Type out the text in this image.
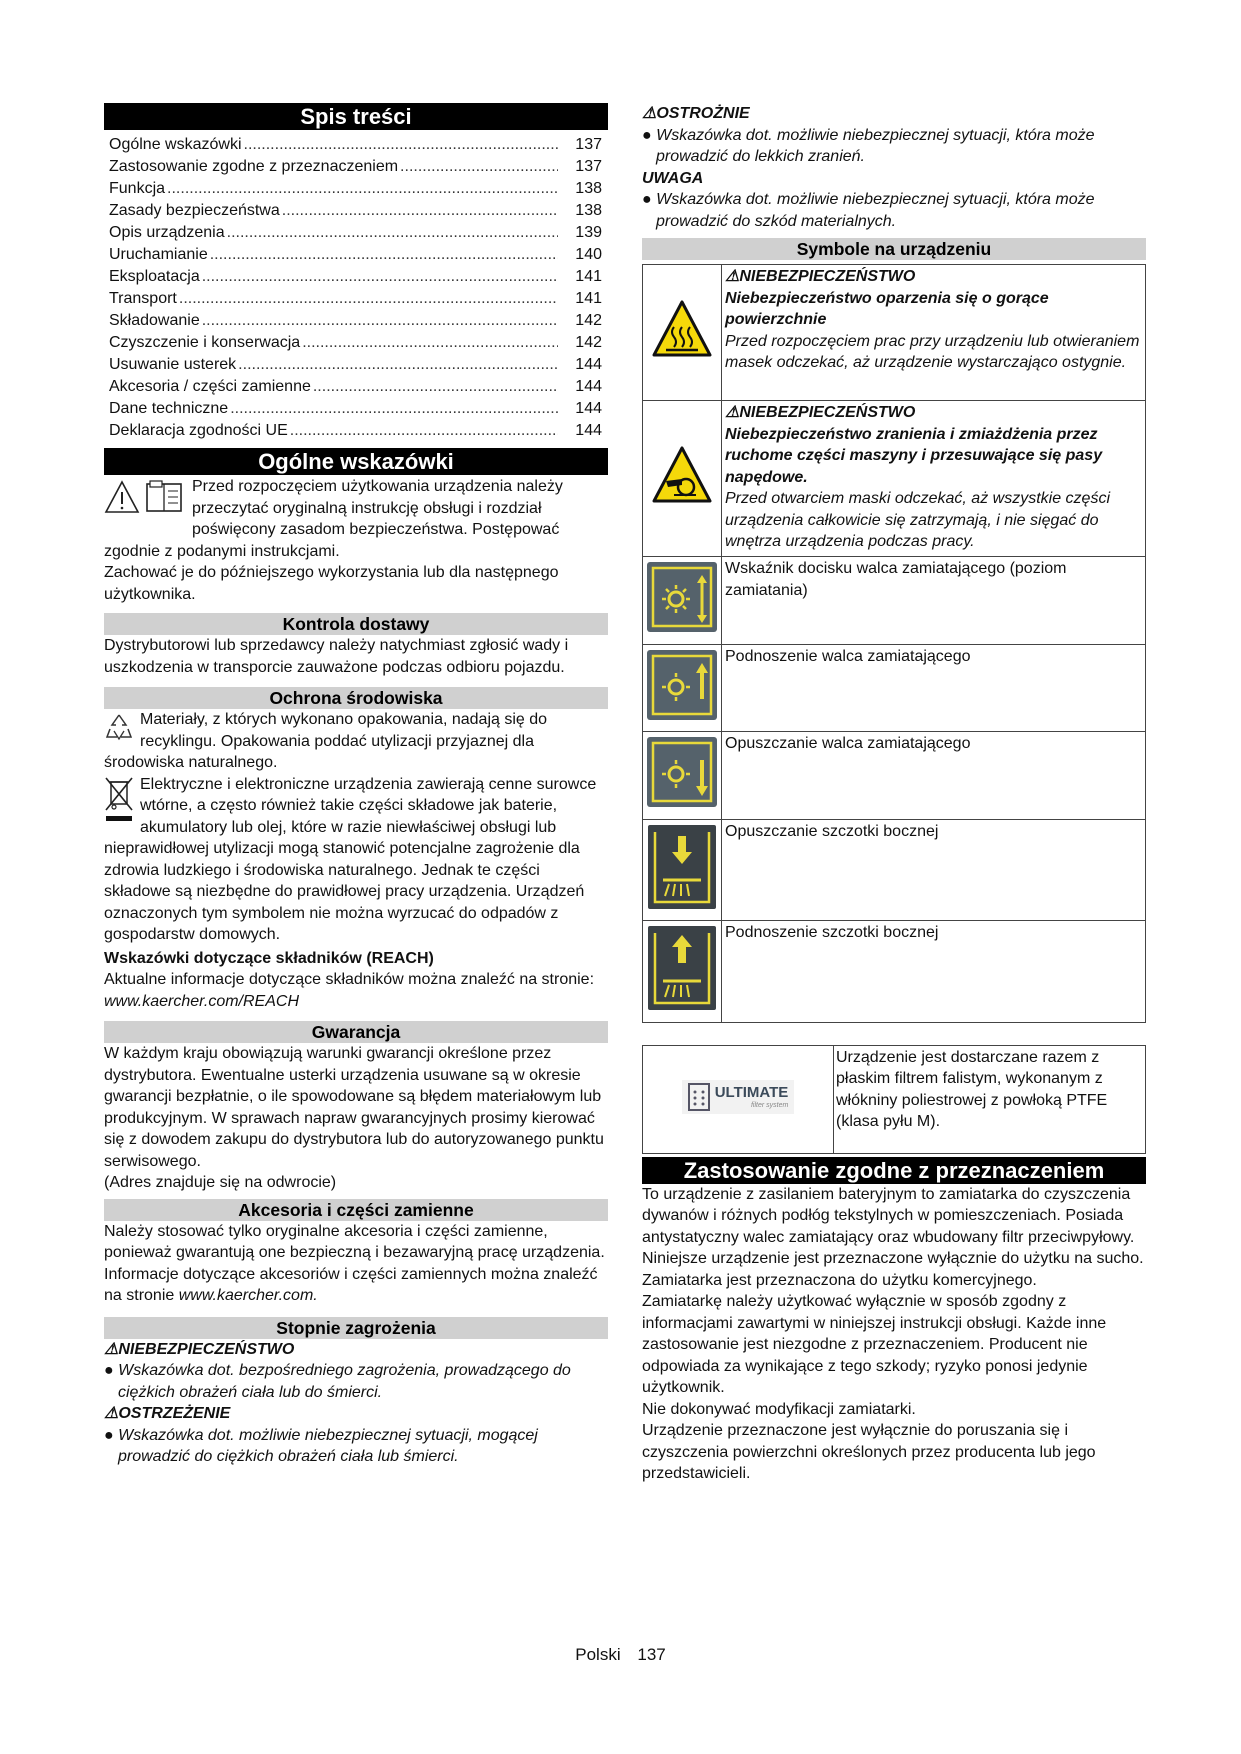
Spis treści
Ogólne wskazówki .....	137
Zastosowanie zgodne z przeznaczeniem .....	137
Funkcja .....	138
Zasady bezpieczeństwa .....	138
Opis urządzenia .....	139
Uruchamianie .....	140
Eksploatacja .....	141
Transport .....	141
Składowanie .....	142
Czyszczenie i konserwacja .....	142
Usuwanie usterek .....	144
Akcesoria / części zamienne .....	144
Dane techniczne .....	144
Deklaracja zgodności UE .....	144
Ogólne wskazówki

Przed rozpoczęciem użytkowania urządzenia należy przeczytać oryginalną instrukcję obsługi i rozdział poświęcony zasadom bezpieczeństwa. Postępować zgodnie z podanymi instrukcjami.

Zachować je do późniejszego wykorzystania lub dla następnego użytkownika.

Kontrola dostawy

Dystrybutorowi lub sprzedawcy należy natychmiast zgłosić wady i uszkodzenia w transporcie zauważone podczas odbioru pojazdu.

Ochrona środowiska

Materiały, z których wykonano opakowania, nadają się do recyklingu. Opakowania poddać utylizacji przyjaznej dla środowiska naturalnego.

Elektryczne i elektroniczne urządzenia zawierają cenne surowce wtórne, a często również takie części składowe jak baterie, akumulatory lub olej, które w razie niewłaściwej obsługi lub nieprawidłowej utylizacji mogą stanowić potencjalne zagrożenie dla zdrowia ludzkiego i środowiska naturalnego. Jednak te części składowe są niezbędne do prawidłowej pracy urządzenia. Urządzeń oznaczonych tym symbolem nie można wyrzucać do odpadów z gospodarstw domowych.

Wskazówki dotyczące składników (REACH)

Aktualne informacje dotyczące składników można znaleźć na stronie: www.kaercher.com/REACH

Gwarancja

W każdym kraju obowiązują warunki gwarancji określone przez dystrybutora. Ewentualne usterki urządzenia usuwane są w okresie gwarancji bezpłatnie, o ile spowodowane są błędem materiałowym lub produkcyjnym. W sprawach napraw gwarancyjnych prosimy kierować się z dowodem zakupu do dystrybutora lub do autoryzowanego punktu serwisowego.

(Adres znajduje się na odwrocie)

Akcesoria i części zamienne

Należy stosować tylko oryginalne akcesoria i części zamienne, ponieważ gwarantują one bezpieczną i bezawaryjną pracę urządzenia.

Informacje dotyczące akcesoriów i części zamiennych można znaleźć na stronie www.kaercher.com.

Stopnie zagrożenia

⚠NIEBEZPIECZEŃSTWO

● Wskazówka dot. bezpośredniego zagrożenia, prowadzącego do ciężkich obrażeń ciała lub do śmierci.

⚠OSTRZEŻENIE

● Wskazówka dot. możliwie niebezpiecznej sytuacji, mogącej prowadzić do ciężkich obrażeń ciała lub śmierci.

⚠OSTROŻNIE

● Wskazówka dot. możliwie niebezpiecznej sytuacji, która może prowadzić do lekkich zranień.

UWAGA

● Wskazówka dot. możliwie niebezpiecznej sytuacji, która może prowadzić do szkód materialnych.

Symbole na urządzeniu

⚠NIEBEZPIECZEŃSTWO

Niebezpieczeństwo oparzenia się o gorące powierzchnie

Przed rozpoczęciem prac przy urządzeniu lub otwieraniem masek odczekać, aż urządzenie wystarczająco ostygnie.

⚠NIEBEZPIECZEŃSTWO

Niebezpieczeństwo zranienia i zmiażdżenia przez ruchome części maszyny i przesuwające się pasy napędowe.

Przed otwarciem maski odczekać, aż wszystkie części urządzenia całkowicie się zatrzymają, i nie sięgać do wnętrza urządzenia podczas pracy.

	Wskaźnik docisku walca zamiatającego (poziom zamiatania)
	Podnoszenie walca zamiatającego
	Opuszczanie walca zamiatającego
	Opuszczanie szczotki bocznej
	Podnoszenie szczotki bocznej
ULTIMATE
filter system
	Urządzenie jest dostarczane razem z płaskim filtrem falistym, wykonanym z włókniny poliestrowej z powłoką PTFE (klasa pyłu M).
Zastosowanie zgodne z przeznaczeniem

To urządzenie z zasilaniem bateryjnym to zamiatarka do czyszczenia dywanów i różnych podłóg tekstylnych w pomieszczeniach. Posiada antystatyczny walec zamiatający oraz wbudowany filtr przeciwpyłowy.

Niniejsze urządzenie jest przeznaczone wyłącznie do użytku na sucho.

Zamiatarka jest przeznaczona do użytku komercyjnego.

Zamiatarkę należy użytkować wyłącznie w sposób zgodny z informacjami zawartymi w niniejszej instrukcji obsługi. Każde inne zastosowanie jest niezgodne z przeznaczeniem. Producent nie odpowiada za wynikające z tego szkody; ryzyko ponosi jedynie użytkownik.

Nie dokonywać modyfikacji zamiatarki.

Urządzenie przeznaczone jest wyłącznie do poruszania się i czyszczenia powierzchni określonych przez producenta lub jego przedstawicieli.

Polski 137
